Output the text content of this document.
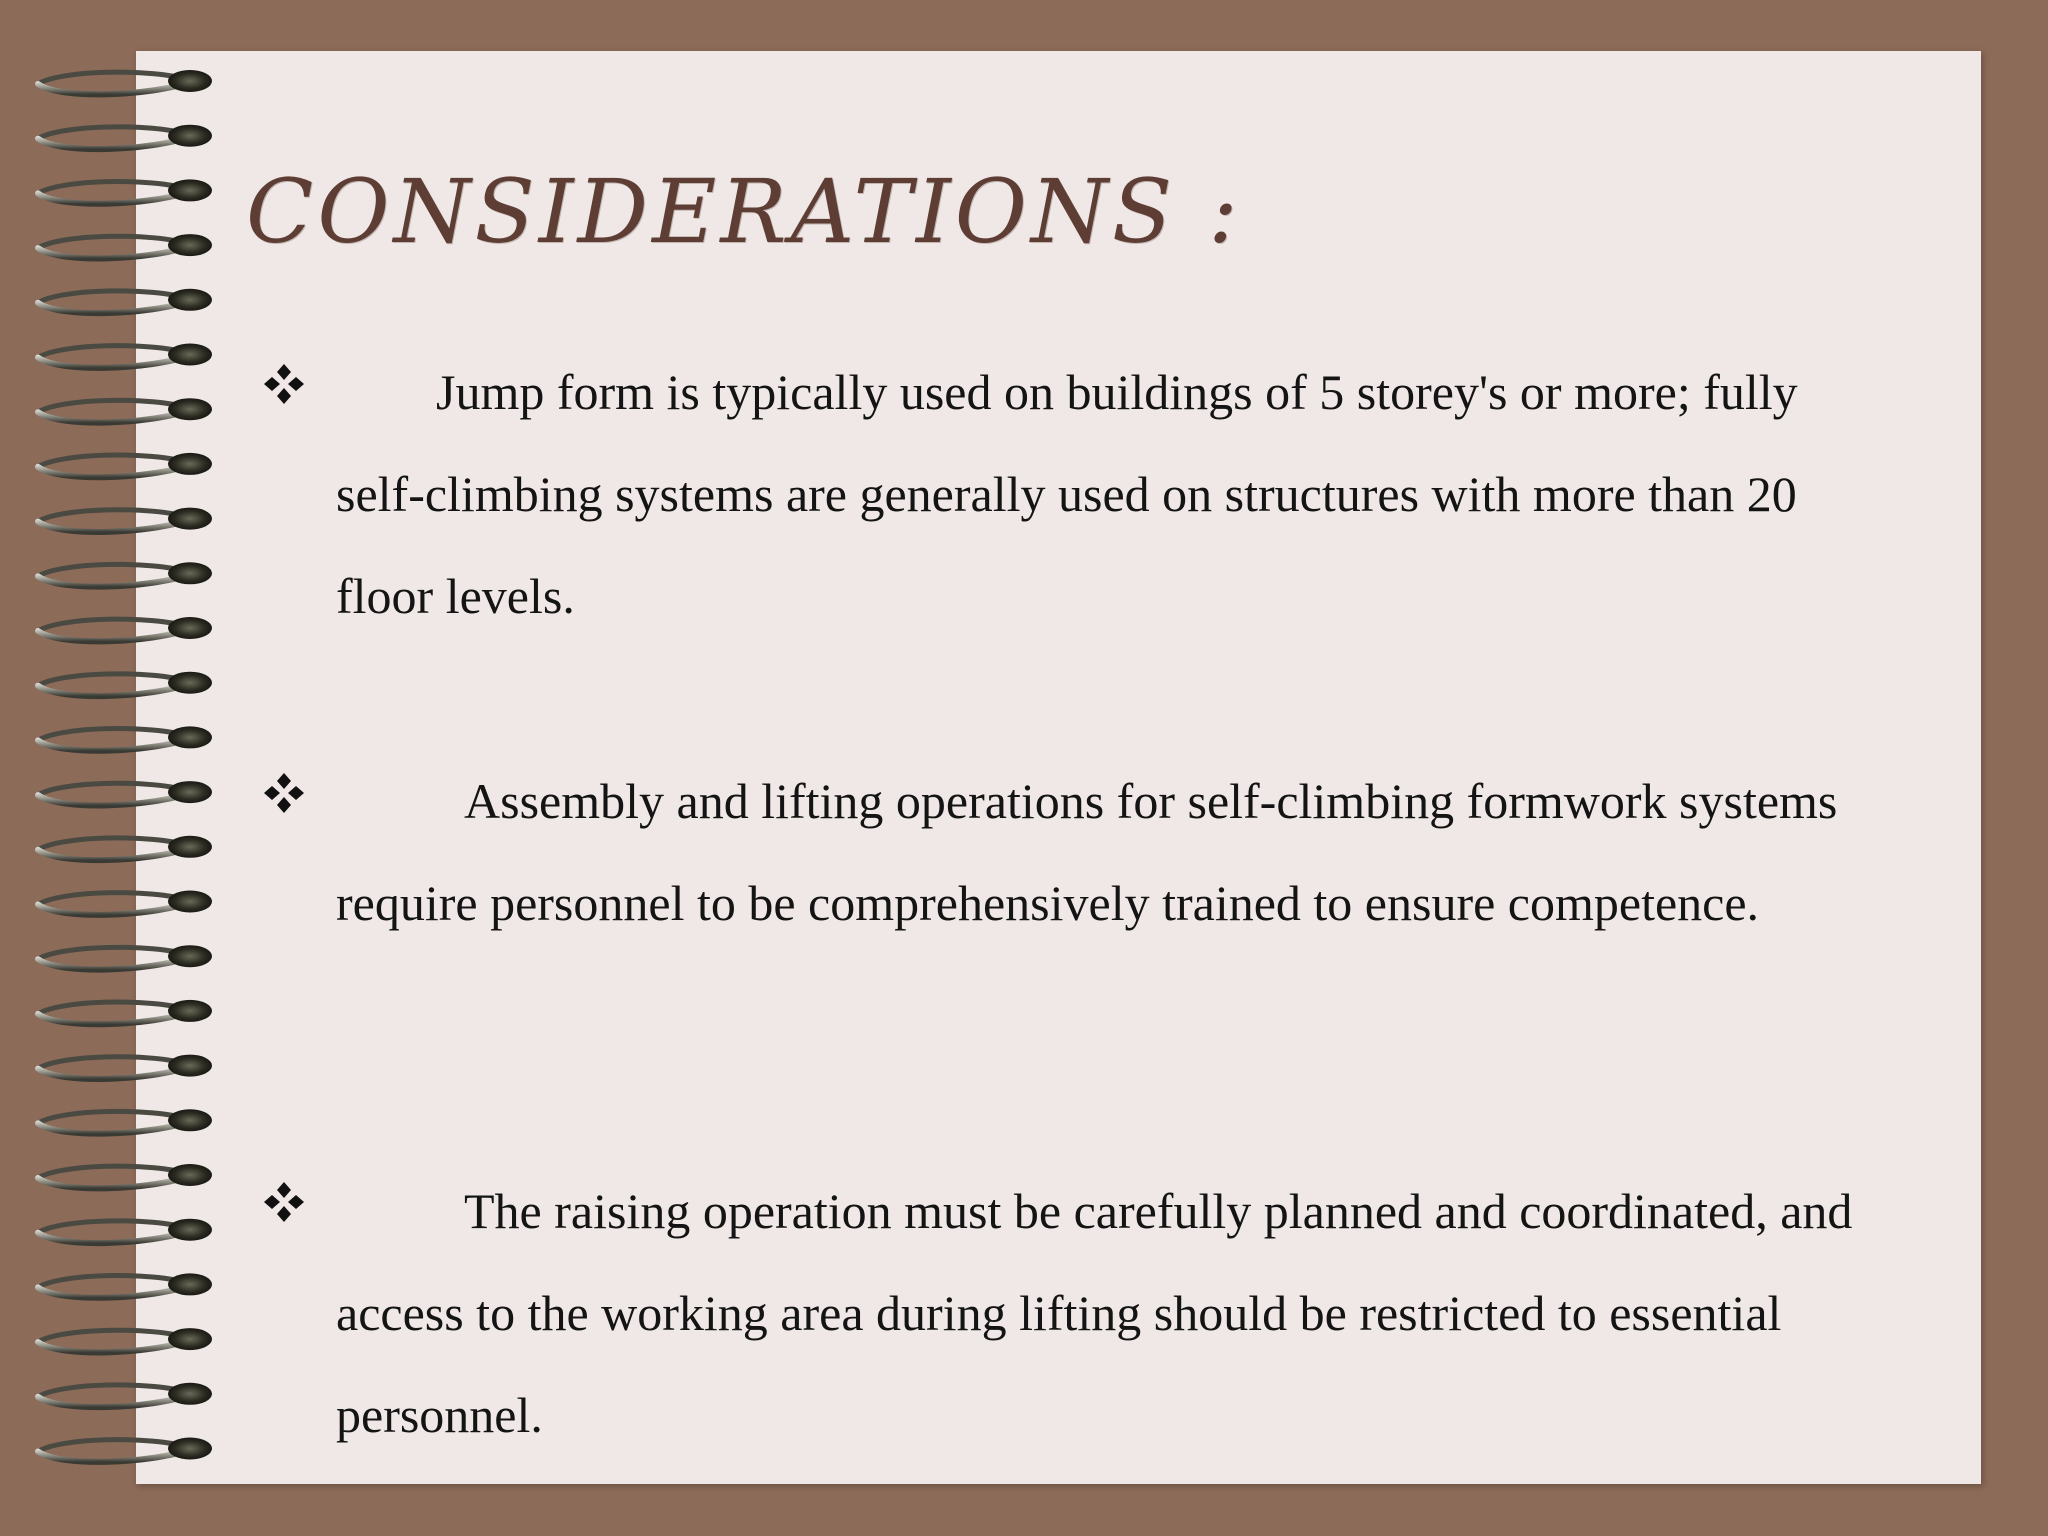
CONSIDERATIONS :

Jump form is typically used on buildings of 5 storey's or more; fully self-climbing systems are generally used on structures with more than 20 floor levels.

Assembly and lifting operations for self-climbing formwork systems require personnel to be comprehensively trained to ensure competence.

The raising operation must be carefully planned and coordinated, and access to the working area during lifting should be restricted to essential personnel.
